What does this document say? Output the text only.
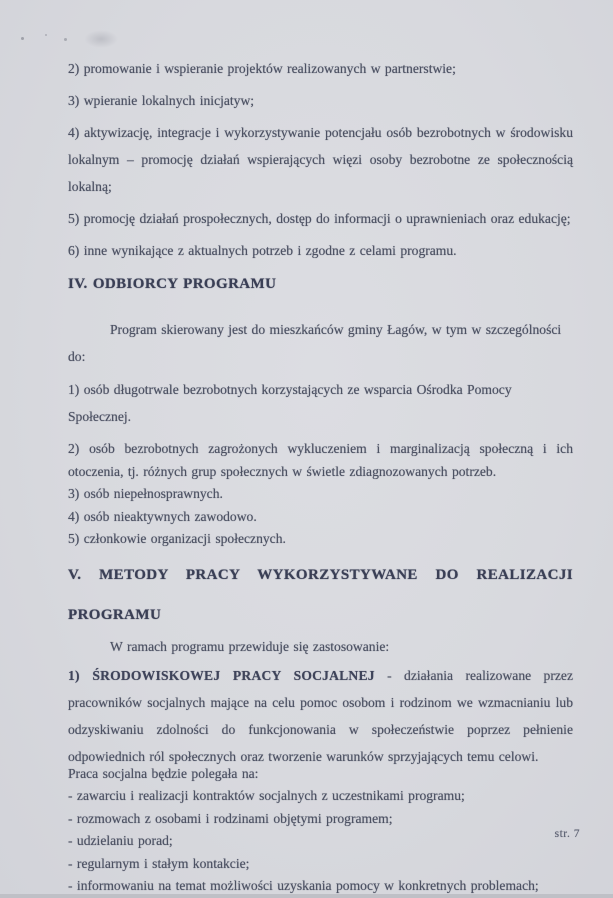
2) promowanie i wspieranie projektów realizowanych w partnerstwie;

3) wpieranie lokalnych inicjatyw;

4) aktywizację, integracje i wykorzystywanie potencjału osób bezrobotnych w środowisku lokalnym – promocję działań wspierających więzi osoby bezrobotne ze społecznością lokalną;

5) promocję działań prospołecznych, dostęp do informacji o uprawnieniach oraz edukację;

6) inne wynikające z aktualnych potrzeb i zgodne z celami programu.

IV. ODBIORCY PROGRAMU

Program skierowany jest do mieszkańców gminy Łagów, w tym w szczególności do:

1) osób długotrwale bezrobotnych korzystających ze wsparcia Ośrodka Pomocy Społecznej.

2) osób bezrobotnych zagrożonych wykluczeniem i marginalizacją społeczną i ich otoczenia, tj. różnych grup społecznych w świetle zdiagnozowanych potrzeb.

3) osób niepełnosprawnych.

4) osób nieaktywnych zawodowo.

5) członkowie organizacji społecznych.

V. METODY PRACY WYKORZYSTYWANE DO REALIZACJI
PROGRAMU

W ramach programu przewiduje się zastosowanie:

1) ŚRODOWISKOWEJ PRACY SOCJALNEJ - działania realizowane przez pracowników socjalnych mające na celu pomoc osobom i rodzinom we wzmacnianiu lub odzyskiwaniu zdolności do funkcjonowania w społeczeństwie poprzez pełnienie odpowiednich ról społecznych oraz tworzenie warunków sprzyjających temu celowi.

Praca socjalna będzie polegała na:

- zawarciu i realizacji kontraktów socjalnych z uczestnikami programu;

- rozmowach z osobami i rodzinami objętymi programem;

- udzielaniu porad;

- regularnym i stałym kontakcie;

- informowaniu na temat możliwości uzyskania pomocy w konkretnych problemach;

str. 7
